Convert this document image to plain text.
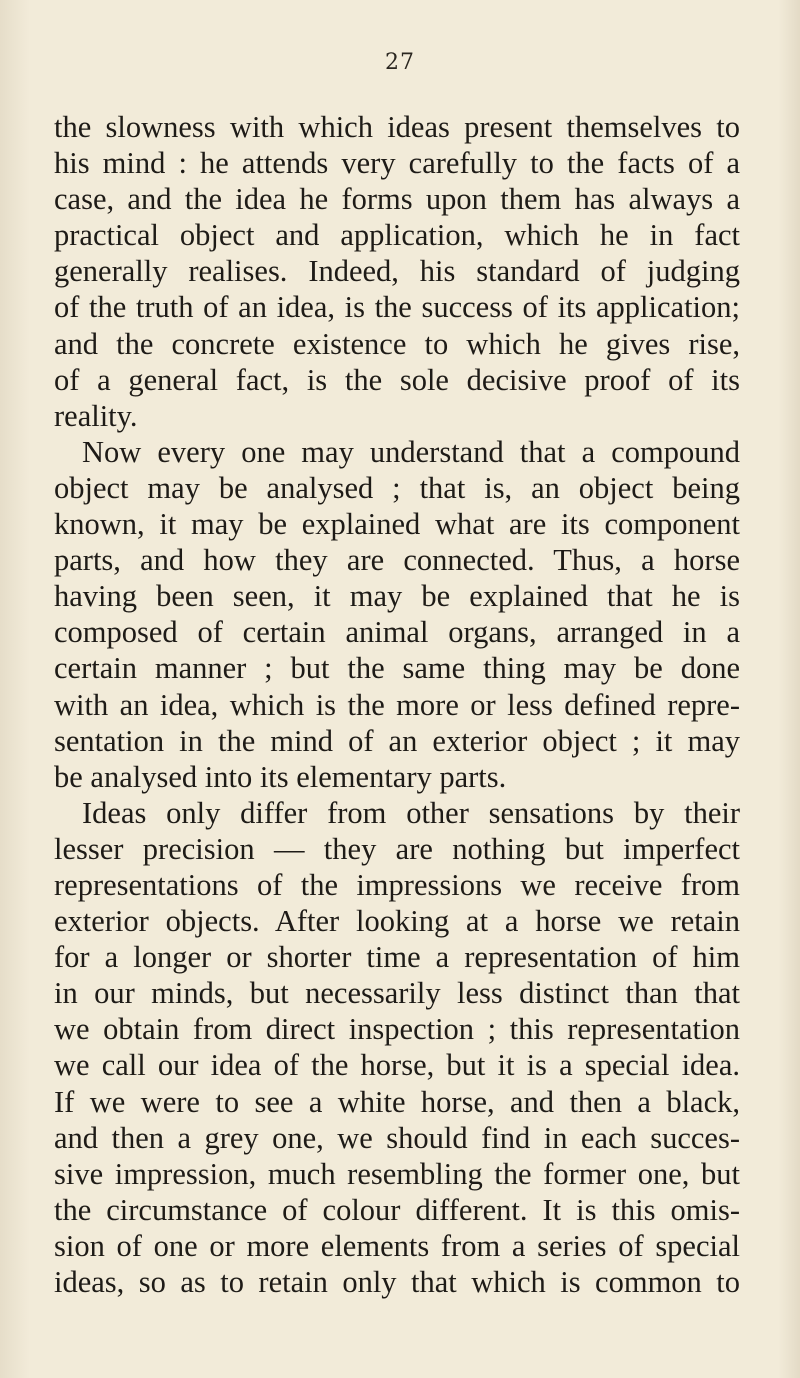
27
the slowness with which ideas present themselves to
his mind : he attends very carefully to the facts of a
case, and the idea he forms upon them has always a
practical object and application, which he in fact
generally realises. Indeed, his standard of judging
of the truth of an idea, is the success of its application;
and the concrete existence to which he gives rise,
of a general fact, is the sole decisive proof of its
reality.
Now every one may understand that a compound
object may be analysed ; that is, an object being
known, it may be explained what are its component
parts, and how they are connected. Thus, a horse
having been seen, it may be explained that he is
composed of certain animal organs, arranged in a
certain manner ; but the same thing may be done
with an idea, which is the more or less defined repre-
sentation in the mind of an exterior object ; it may
be analysed into its elementary parts.
Ideas only differ from other sensations by their
lesser precision — they are nothing but imperfect
representations of the impressions we receive from
exterior objects. After looking at a horse we retain
for a longer or shorter time a representation of him
in our minds, but necessarily less distinct than that
we obtain from direct inspection ; this representation
we call our idea of the horse, but it is a special idea.
If we were to see a white horse, and then a black,
and then a grey one, we should find in each succes-
sive impression, much resembling the former one, but
the circumstance of colour different. It is this omis-
sion of one or more elements from a series of special
ideas, so as to retain only that which is common to
